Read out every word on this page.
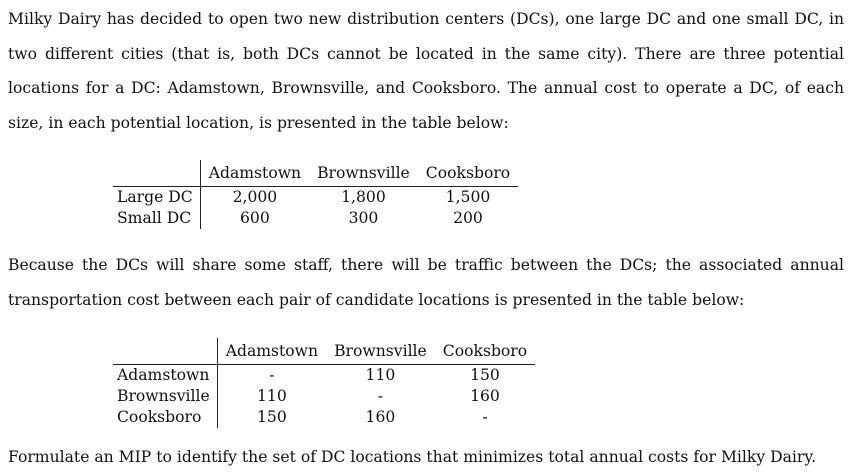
Milky Dairy has decided to open two new distribution centers (DCs), one large DC and one small DC, in two different cities (that is, both DCs cannot be located in the same city). There are three potential locations for a DC: Adamstown, Brownsville, and Cooksboro. The annual cost to operate a DC, of each size, in each potential location, is presented in the table below:

	Adamstown	Brownsville	Cooksboro
Large DC	2,000	1,800	1,500
Small DC	600	300	200

Because the DCs will share some staff, there will be traffic between the DCs; the associated annual transportation cost between each pair of candidate locations is presented in the table below:

	Adamstown	Brownsville	Cooksboro
Adamstown	-	110	150
Brownsville	110	-	160
Cooksboro	150	160	-

Formulate an MIP to identify the set of DC locations that minimizes total annual costs for Milky Dairy.
